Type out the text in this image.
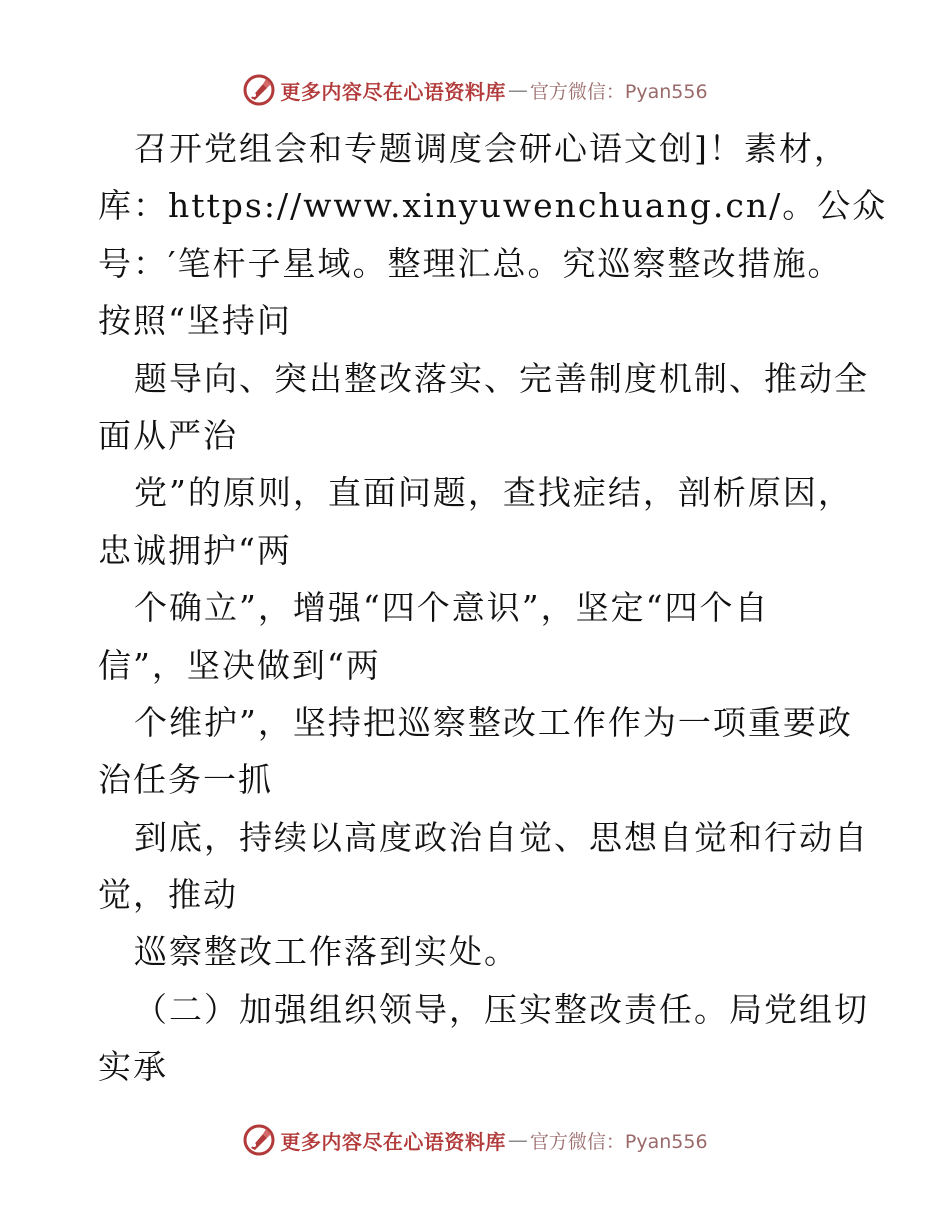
更多内容尽在心语资料库 — 官方微信：Pyan556
召开党组会和专题调度会研心语文创]！素材，
库：https://www.xinyuwenchuang.cn/。公众
号：′笔杆子星域。整理汇总。究巡察整改措施。
按照“坚持问
题导向、突出整改落实、完善制度机制、推动全
面从严治
党”的原则，直面问题，查找症结，剖析原因，
忠诚拥护“两
个确立”，增强“四个意识”，坚定“四个自
信”，坚决做到“两
个维护”，坚持把巡察整改工作作为一项重要政
治任务一抓
到底，持续以高度政治自觉、思想自觉和行动自
觉，推动
巡察整改工作落到实处。
（二）加强组织领导，压实整改责任。局党组切
实承
更多内容尽在心语资料库 — 官方微信：Pyan556
